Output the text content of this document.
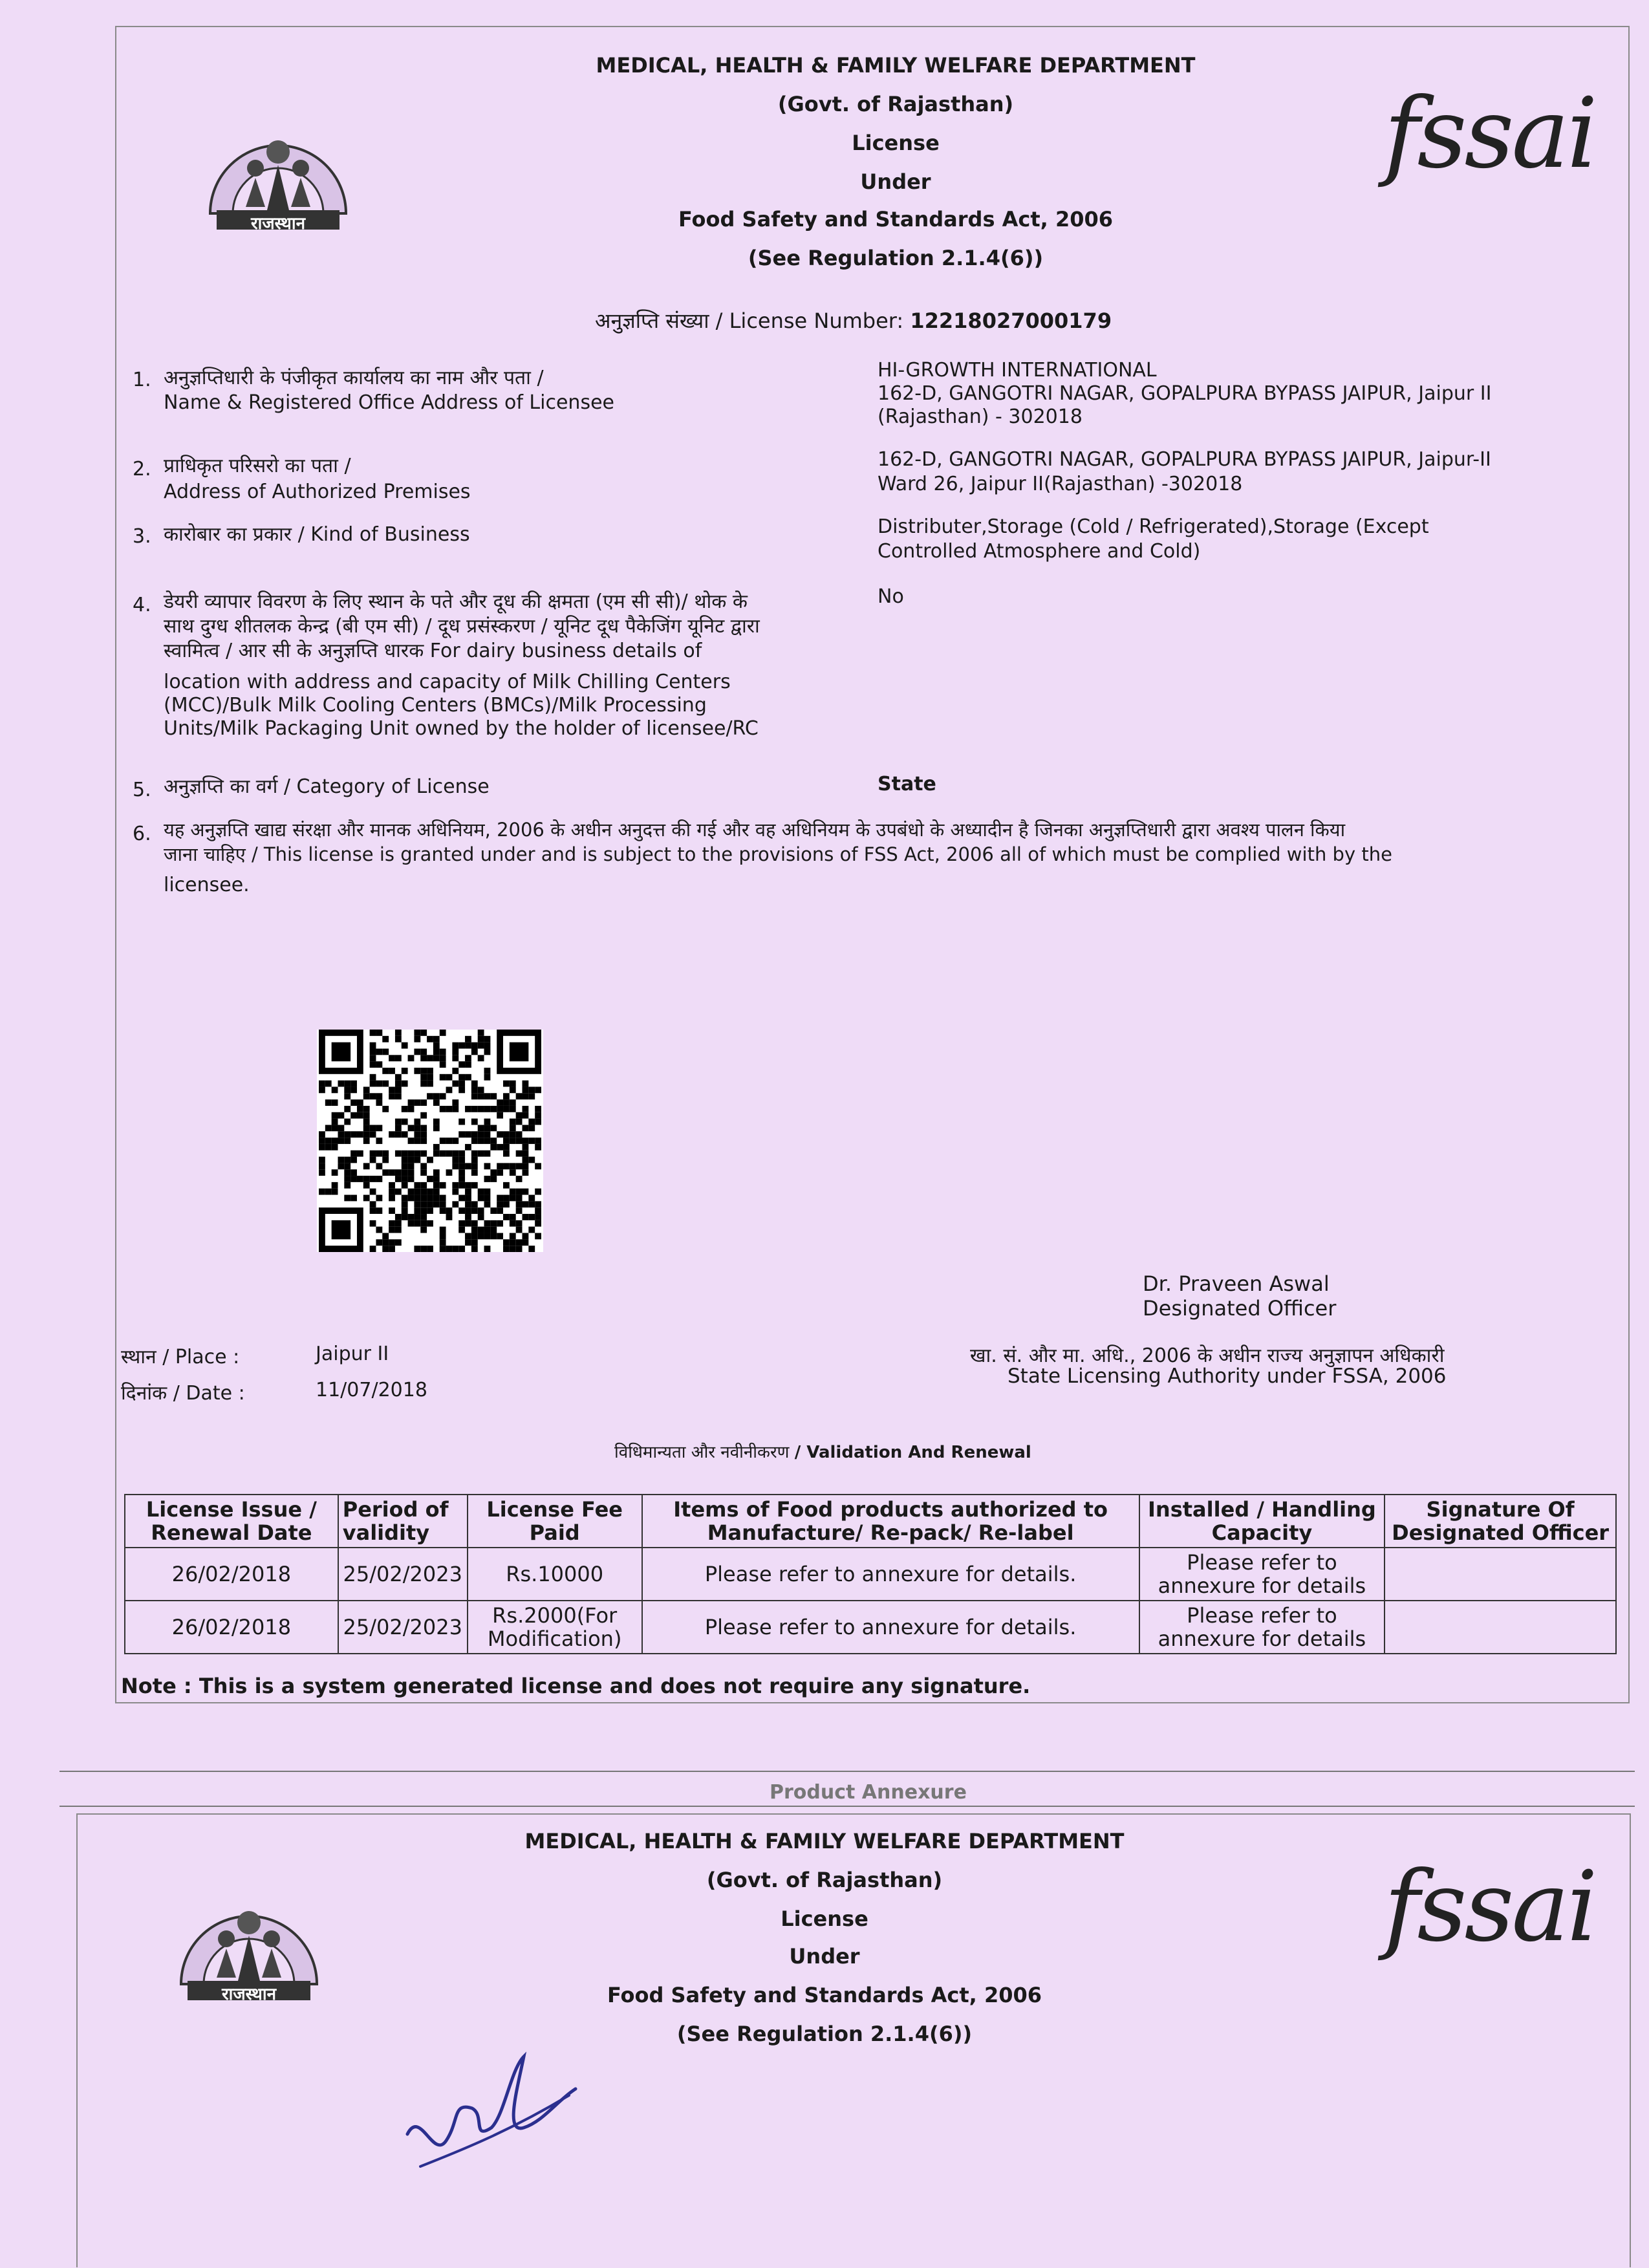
राजस्थान
fssai
MEDICAL, HEALTH & FAMILY WELFARE DEPARTMENT
(Govt. of Rajasthan)
License
Under
Food Safety and Standards Act, 2006
(See Regulation 2.1.4(6))
अनुज्ञप्ति संख्या / License Number: 12218027000179
1. अनुज्ञप्तिधारी के पंजीकृत कार्यालय का नाम और पता /
Name & Registered Office Address of Licensee
HI-GROWTH INTERNATIONAL
162-D, GANGOTRI NAGAR, GOPALPURA BYPASS JAIPUR, Jaipur II
(Rajasthan) - 302018
2. प्राधिकृत परिसरो का पता /
Address of Authorized Premises
162-D, GANGOTRI NAGAR, GOPALPURA BYPASS JAIPUR, Jaipur-II
Ward 26, Jaipur II(Rajasthan) -302018
3. कारोबार का प्रकार / Kind of Business	Distributer,Storage (Cold / Refrigerated),Storage (Except
Controlled Atmosphere and Cold)
4. डेयरी व्यापार विवरण के लिए स्थान के पते और दूध की क्षमता (एम सी सी)/ थोक के
साथ दुग्ध शीतलक केन्द्र (बी एम सी) / दूध प्रसंस्करण / यूनिट दूध पैकेजिंग यूनिट द्वारा
स्वामित्व / आर सी के अनुज्ञप्ति धारक For dairy business details of
location with address and capacity of Milk Chilling Centers
(MCC)/Bulk Milk Cooling Centers (BMCs)/Milk Processing
Units/Milk Packaging Unit owned by the holder of licensee/RC
No
5. अनुज्ञप्ति का वर्ग / Category of License	State
6. यह अनुज्ञप्ति खाद्य संरक्षा और मानक अधिनियम, 2006 के अधीन अनुदत्त की गई और वह अधिनियम के उपबंधो के अध्यादीन है जिनका अनुज्ञप्तिधारी द्वारा अवश्य पालन किया
जाना चाहिए / This license is granted under and is subject to the provisions of FSS Act, 2006 all of which must be complied with by the
licensee.
Dr. Praveen Aswal
Designated Officer
खा. सं. और मा. अधि., 2006 के अधीन राज्य अनुज्ञापन अधिकारी
State Licensing Authority under FSSA, 2006
स्थान / Place :	Jaipur II
दिनांक / Date :	11/07/2018
विधिमान्यता और नवीनीकरण / Validation And Renewal
License Issue / Renewal Date	Period of validity	License Fee Paid	Items of Food products authorized to Manufacture/ Re-pack/ Re-label	Installed / Handling Capacity	Signature Of Designated Officer
26/02/2018	25/02/2023	Rs.10000	Please refer to annexure for details.	Please refer to annexure for details	
26/02/2018	25/02/2023	Rs.2000(For Modification)	Please refer to annexure for details.	Please refer to annexure for details	
Note : This is a system generated license and does not require any signature.
Product Annexure
राजस्थान
fssai
MEDICAL, HEALTH & FAMILY WELFARE DEPARTMENT
(Govt. of Rajasthan)
License
Under
Food Safety and Standards Act, 2006
(See Regulation 2.1.4(6))
